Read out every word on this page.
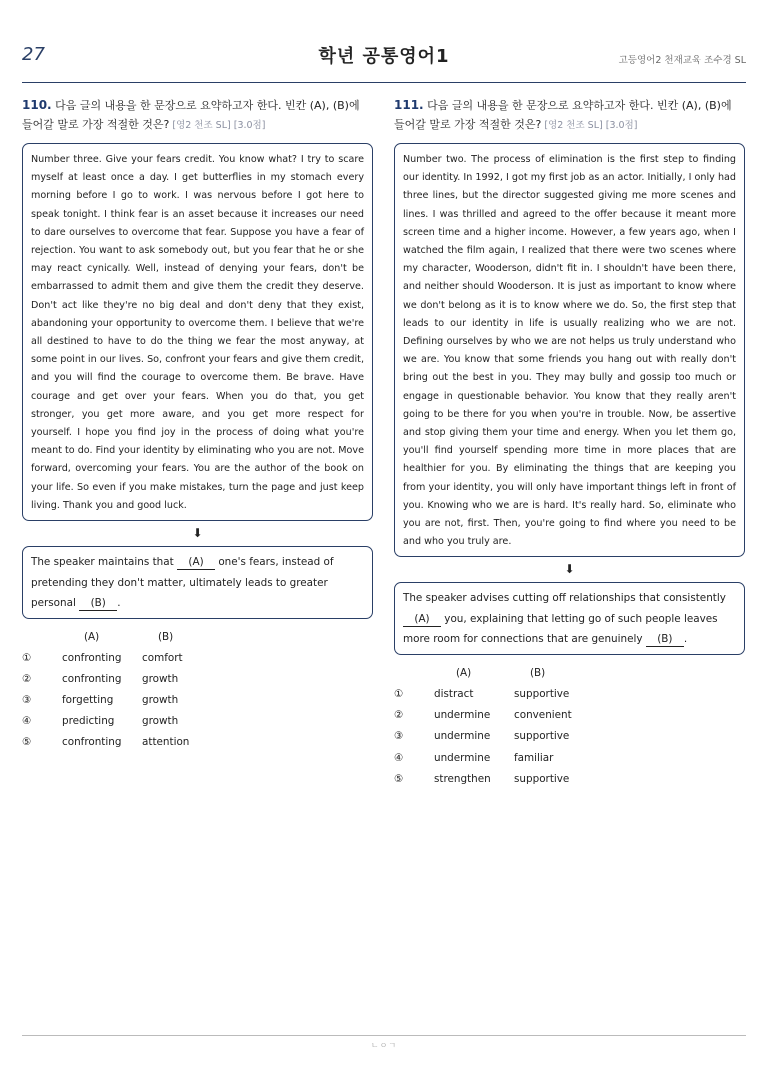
27	학년 공통영어1	고등영어2 천재교육 조수경 SL
110. 다음 글의 내용을 한 문장으로 요약하고자 한다. 빈칸 (A), (B)에 들어갈 말로 가장 적절한 것은? [영2 천조 SL] [3.0점]
Number three. Give your fears credit. You know what? I try to scare myself at least once a day. I get butterflies in my stomach every morning before I go to work. I was nervous before I got here to speak tonight. I think fear is an asset because it increases our need to dare ourselves to overcome that fear. Suppose you have a fear of rejection. You want to ask somebody out, but you fear that he or she may react cynically. Well, instead of denying your fears, don't be embarrassed to admit them and give them the credit they deserve. Don't act like they're no big deal and don't deny that they exist, abandoning your opportunity to overcome them. I believe that we're all destined to have to do the thing we fear the most anyway, at some point in our lives. So, confront your fears and give them credit, and you will find the courage to overcome them. Be brave. Have courage and get over your fears. When you do that, you get stronger, you get more aware, and you get more respect for yourself. I hope you find joy in the process of doing what you're meant to do. Find your identity by eliminating who you are not. Move forward, overcoming your fears. You are the author of the book on your life. So even if you make mistakes, turn the page and just keep living. Thank you and good luck.
⬇
The speaker maintains that (A) one's fears, instead of pretending they don't matter, ultimately leads to greater personal (B) .
(A)	(B)
①	confronting	comfort
②	confronting	growth
③	forgetting	growth
④	predicting	growth
⑤	confronting	attention
111. 다음 글의 내용을 한 문장으로 요약하고자 한다. 빈칸 (A), (B)에 들어갈 말로 가장 적절한 것은? [영2 천조 SL] [3.0점]
Number two. The process of elimination is the first step to finding our identity. In 1992, I got my first job as an actor. Initially, I only had three lines, but the director suggested giving me more scenes and lines. I was thrilled and agreed to the offer because it meant more screen time and a higher income. However, a few years ago, when I watched the film again, I realized that there were two scenes where my character, Wooderson, didn't fit in. I shouldn't have been there, and neither should Wooderson. It is just as important to know where we don't belong as it is to know where we do. So, the first step that leads to our identity in life is usually realizing who we are not. Defining ourselves by who we are not helps us truly understand who we are. You know that some friends you hang out with really don't bring out the best in you. They may bully and gossip too much or engage in questionable behavior. You know that they really aren't going to be there for you when you're in trouble. Now, be assertive and stop giving them your time and energy. When you let them go, you'll find yourself spending more time in more places that are healthier for you. By eliminating the things that are keeping you from your identity, you will only have important things left in front of you. Knowing who we are is hard. It's really hard. So, eliminate who you are not, first. Then, you're going to find where you need to be and who you truly are.
⬇
The speaker advises cutting off relationships that consistently (A) you, explaining that letting go of such people leaves more room for connections that are genuinely (B) .
(A)	(B)
①	distract	supportive
②	undermine	convenient
③	undermine	supportive
④	undermine	familiar
⑤	strengthen	supportive
ㄴㅇㄱ
